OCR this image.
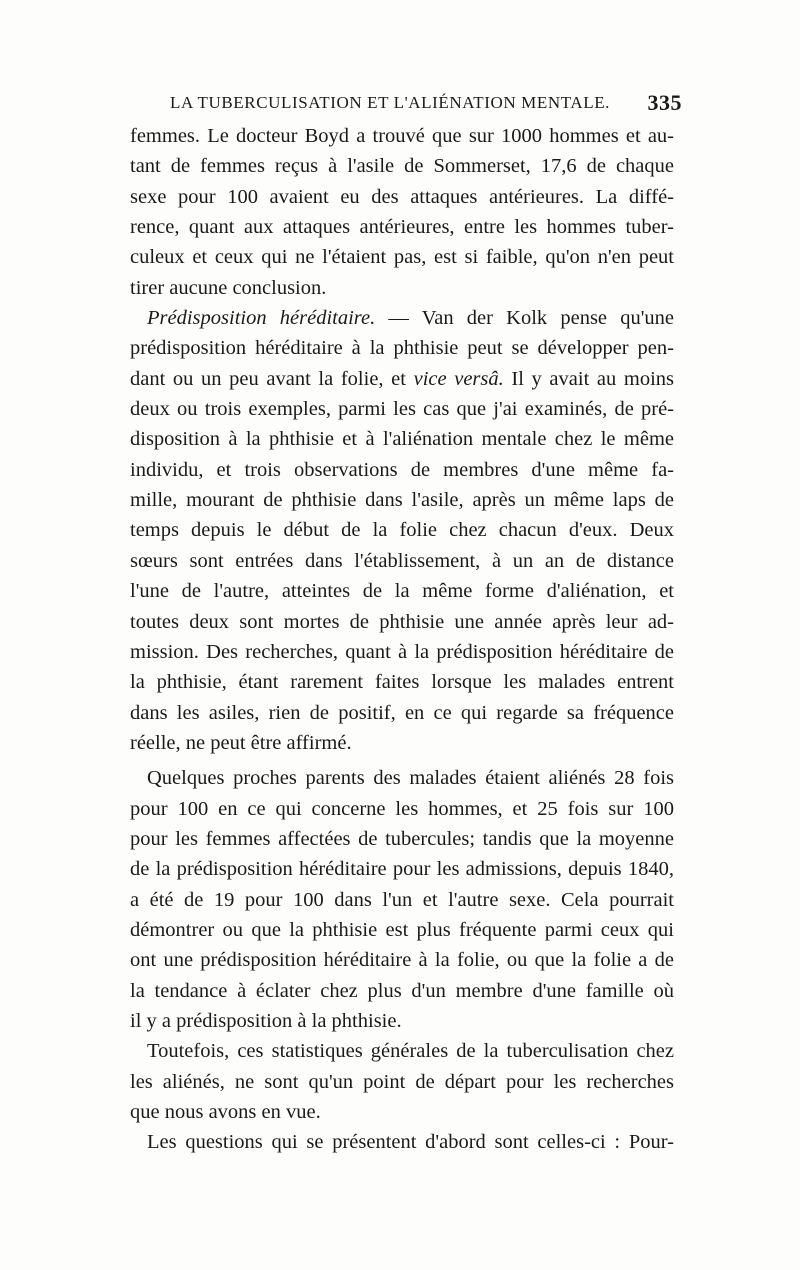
LA TUBERCULISATION ET L'ALIÉNATION MENTALE. 335
femmes. Le docteur Boyd a trouvé que sur 1000 hommes et au-
tant de femmes reçus à l'asile de Sommerset, 17,6 de chaque
sexe pour 100 avaient eu des attaques antérieures. La diffé-
rence, quant aux attaques antérieures, entre les hommes tuber-
culeux et ceux qui ne l'étaient pas, est si faible, qu'on n'en peut
tirer aucune conclusion.
Prédisposition héréditaire. — Van der Kolk pense qu'une
prédisposition héréditaire à la phthisie peut se développer pen-
dant ou un peu avant la folie, et vice versâ. Il y avait au moins
deux ou trois exemples, parmi les cas que j'ai examinés, de pré-
disposition à la phthisie et à l'aliénation mentale chez le même
individu, et trois observations de membres d'une même fa-
mille, mourant de phthisie dans l'asile, après un même laps de
temps depuis le début de la folie chez chacun d'eux. Deux
sœurs sont entrées dans l'établissement, à un an de distance
l'une de l'autre, atteintes de la même forme d'aliénation, et
toutes deux sont mortes de phthisie une année après leur ad-
mission. Des recherches, quant à la prédisposition héréditaire de
la phthisie, étant rarement faites lorsque les malades entrent
dans les asiles, rien de positif, en ce qui regarde sa fréquence
réelle, ne peut être affirmé.
Quelques proches parents des malades étaient aliénés 28 fois
pour 100 en ce qui concerne les hommes, et 25 fois sur 100
pour les femmes affectées de tubercules; tandis que la moyenne
de la prédisposition héréditaire pour les admissions, depuis 1840,
a été de 19 pour 100 dans l'un et l'autre sexe. Cela pourrait
démontrer ou que la phthisie est plus fréquente parmi ceux qui
ont une prédisposition héréditaire à la folie, ou que la folie a de
la tendance à éclater chez plus d'un membre d'une famille où
il y a prédisposition à la phthisie.
Toutefois, ces statistiques générales de la tuberculisation chez
les aliénés, ne sont qu'un point de départ pour les recherches
que nous avons en vue.
Les questions qui se présentent d'abord sont celles-ci : Pour-
